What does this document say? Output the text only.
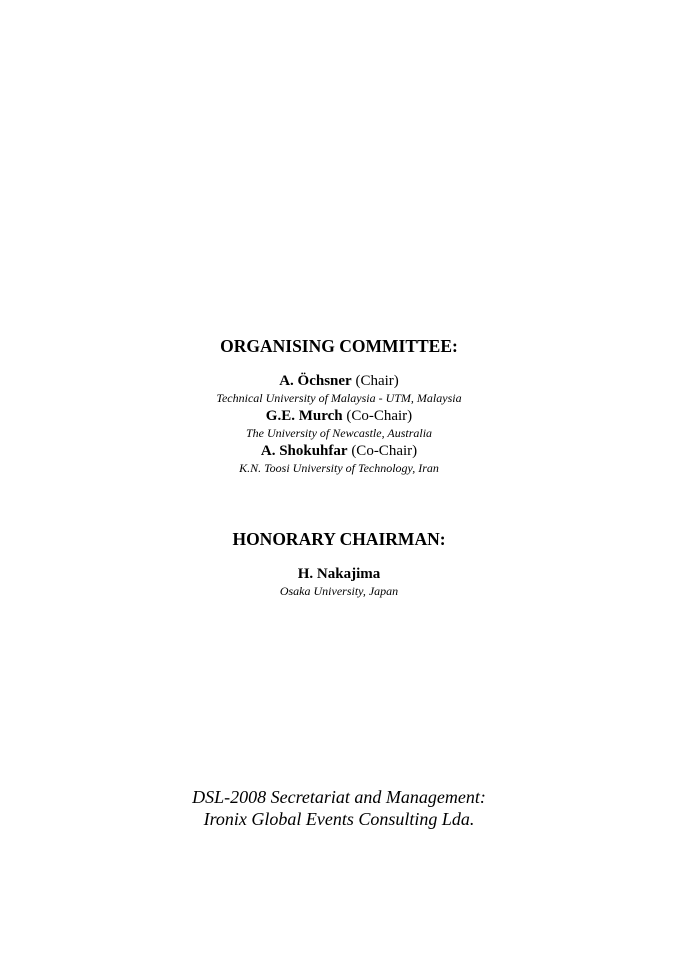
ORGANISING COMMITTEE:
A. Öchsner (Chair)
Technical University of Malaysia - UTM, Malaysia
G.E. Murch (Co-Chair)
The University of Newcastle, Australia
A. Shokuhfar (Co-Chair)
K.N. Toosi University of Technology, Iran
HONORARY CHAIRMAN:
H. Nakajima
Osaka University, Japan
DSL-2008 Secretariat and Management:
Ironix Global Events Consulting Lda.
